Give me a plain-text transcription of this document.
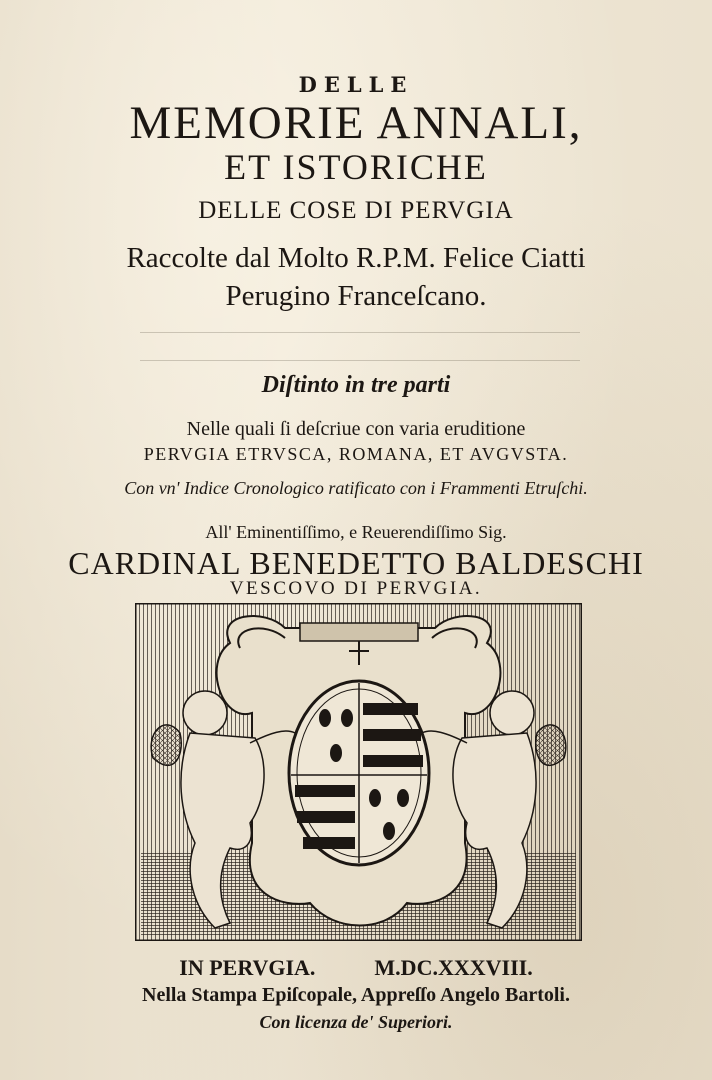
DELLE
MEMORIE ANNALI,
ET ISTORICHE
DELLE COSE DI PERVGIA
Raccolte dal Molto R.P.M. Felice Ciatti
Perugino Franceſcano.
Diſtinto in tre parti
Nelle quali ſi deſcriue con varia eruditione
PERVGIA ETRVSCA, ROMANA, ET AVGVSTA.
Con vn' Indice Cronologico ratificato con i Frammenti Etruſchi.
All' Eminentiſſimo, e Reuerendiſſimo Sig.
CARDINAL BENEDETTO BALDESCHI
VESCOVO DI PERVGIA.
IN PERVGIA.	M.DC.XXXVIII.
Nella Stampa Epiſcopale, Appreſſo Angelo Bartoli.
Con licenza de' Superiori.
